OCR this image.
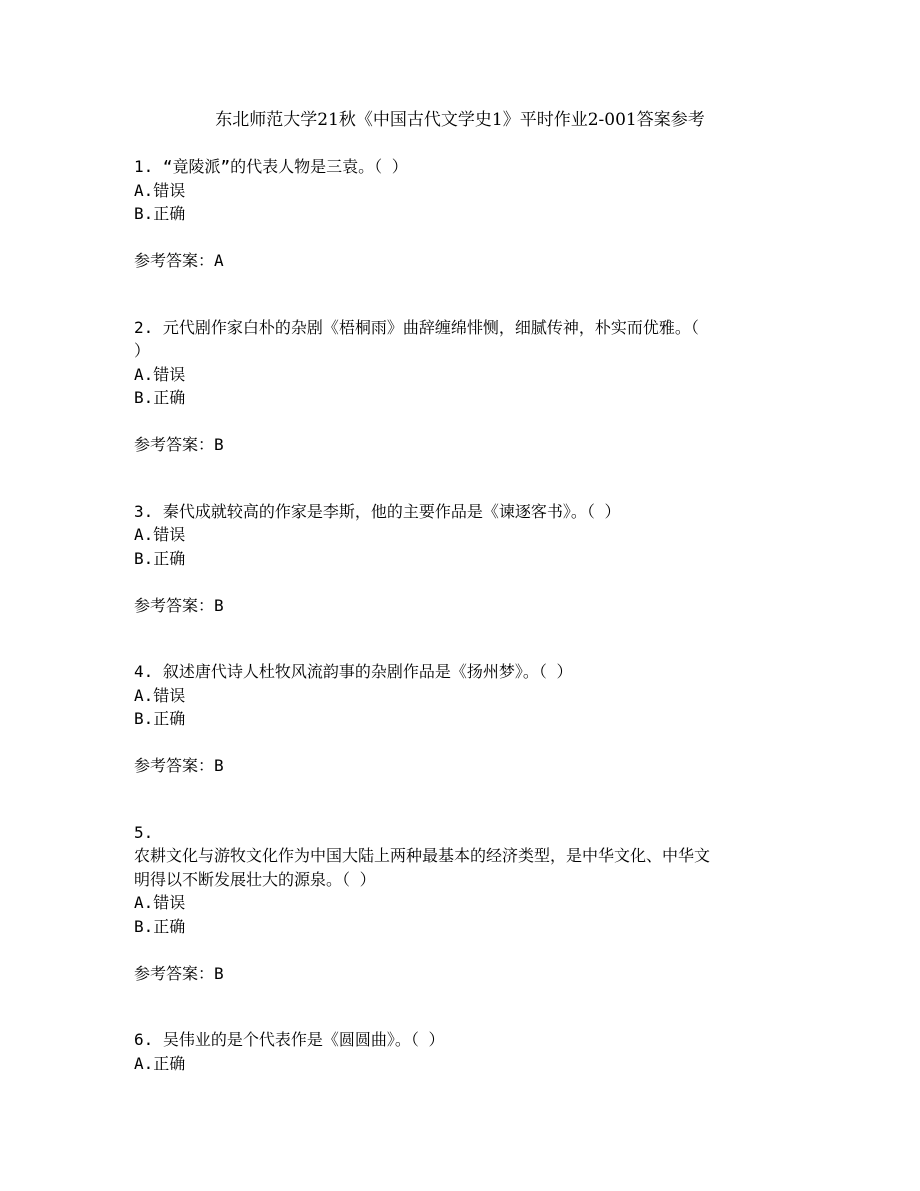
东北师范大学21秋《中国古代文学史1》平时作业2-001答案参考
1. “竟陵派”的代表人物是三袁。（ ）
A.错误
B.正确
参考答案：A
2. 元代剧作家白朴的杂剧《梧桐雨》曲辞缠绵悱恻，细腻传神，朴实而优雅。（
）
A.错误
B.正确
参考答案：B
3. 秦代成就较高的作家是李斯，他的主要作品是《谏逐客书》。（ ）
A.错误
B.正确
参考答案：B
4. 叙述唐代诗人杜牧风流韵事的杂剧作品是《扬州梦》。（ ）
A.错误
B.正确
参考答案：B
5.
农耕文化与游牧文化作为中国大陆上两种最基本的经济类型，是中华文化、中华文
明得以不断发展壮大的源泉。（ ）
A.错误
B.正确
参考答案：B
6. 吴伟业的是个代表作是《圆圆曲》。（ ）
A.正确
